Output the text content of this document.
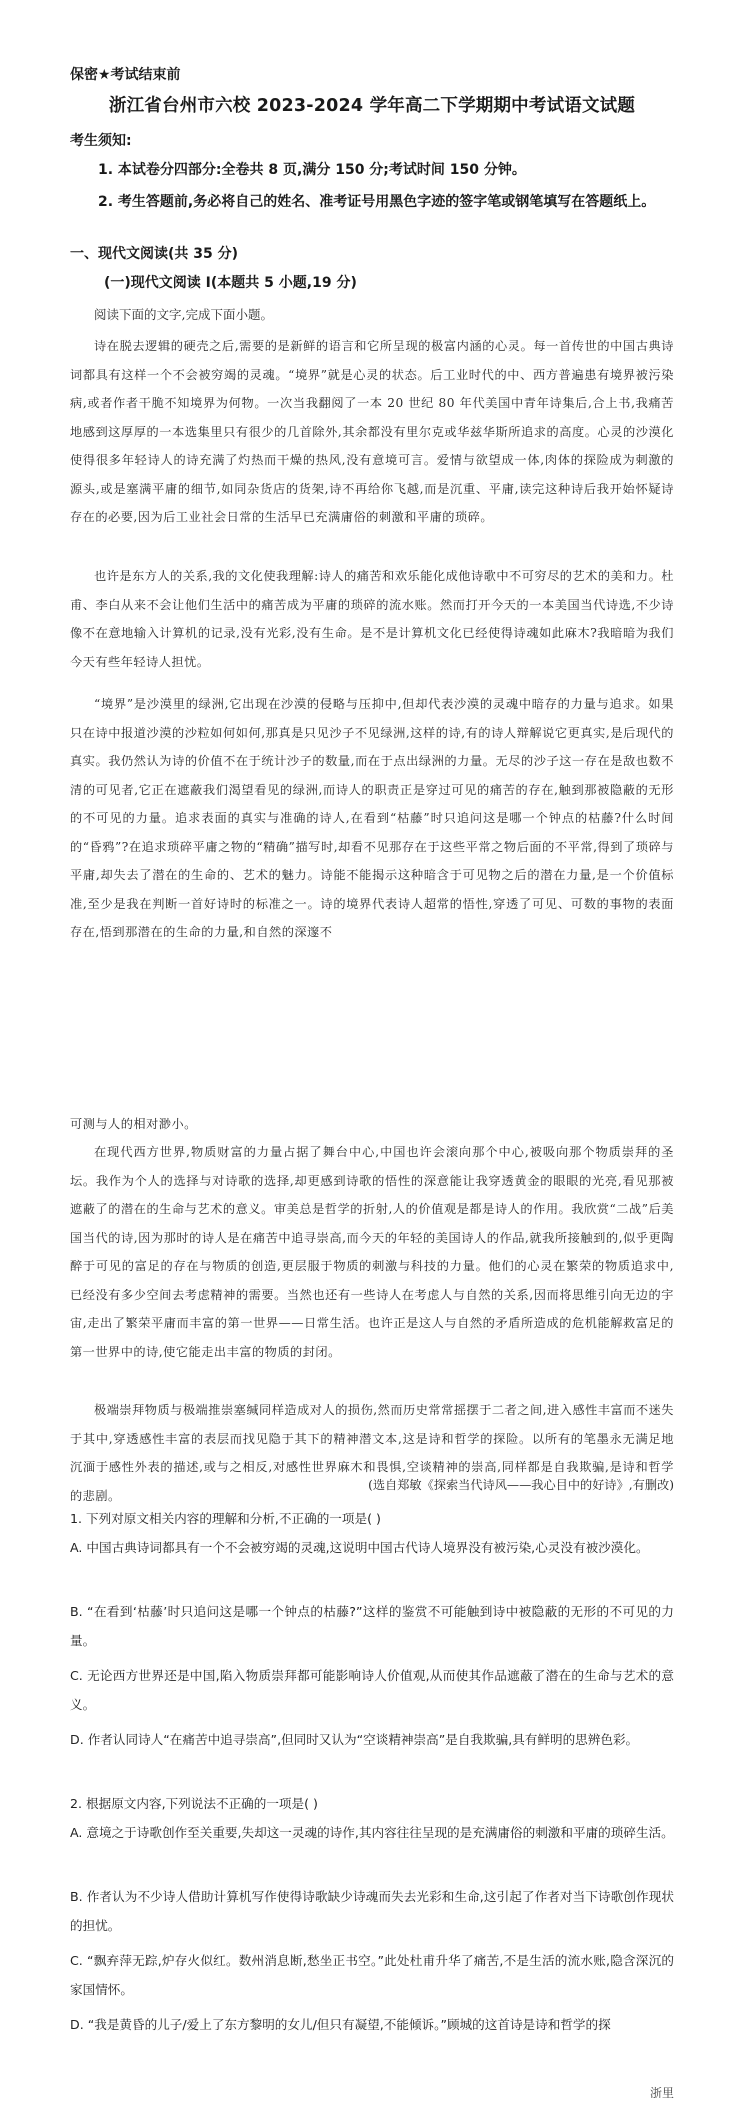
保密★考试结束前
浙江省台州市六校 2023-2024 学年高二下学期期中考试语文试题
考生须知:
1. 本试卷分四部分:全卷共 8 页,满分 150 分;考试时间 150 分钟。
2. 考生答题前,务必将自己的姓名、准考证号用黑色字迹的签字笔或钢笔填写在答题纸上。
一、现代文阅读(共 35 分)
(一)现代文阅读 I(本题共 5 小题,19 分)
阅读下面的文字,完成下面小题。
诗在脱去逻辑的硬壳之后,需要的是新鲜的语言和它所呈现的极富内涵的心灵。每一首传世的中国古典诗词都具有这样一个不会被穷竭的灵魂。“境界”就是心灵的状态。后工业时代的中、西方普遍患有境界被污染病,或者作者干脆不知境界为何物。一次当我翻阅了一本 20 世纪 80 年代美国中青年诗集后,合上书,我痛苦地感到这厚厚的一本选集里只有很少的几首除外,其余都没有里尔克或华兹华斯所追求的高度。心灵的沙漠化使得很多年轻诗人的诗充满了灼热而干燥的热风,没有意境可言。爱情与欲望成一体,肉体的探险成为刺激的源头,或是塞满平庸的细节,如同杂货店的货架,诗不再给你飞越,而是沉重、平庸,读完这种诗后我开始怀疑诗存在的必要,因为后工业社会日常的生活早已充满庸俗的刺激和平庸的琐碎。
也许是东方人的关系,我的文化使我理解:诗人的痛苦和欢乐能化成他诗歌中不可穷尽的艺术的美和力。杜甫、李白从来不会让他们生活中的痛苦成为平庸的琐碎的流水账。然而打开今天的一本美国当代诗选,不少诗像不在意地输入计算机的记录,没有光彩,没有生命。是不是计算机文化已经使得诗魂如此麻木?我暗暗为我们今天有些年轻诗人担忧。
“境界”是沙漠里的绿洲,它出现在沙漠的侵略与压抑中,但却代表沙漠的灵魂中暗存的力量与追求。如果只在诗中报道沙漠的沙粒如何如何,那真是只见沙子不见绿洲,这样的诗,有的诗人辩解说它更真实,是后现代的真实。我仍然认为诗的价值不在于统计沙子的数量,而在于点出绿洲的力量。无尽的沙子这一存在是敌也数不清的可见者,它正在遮蔽我们渴望看见的绿洲,而诗人的职责正是穿过可见的痛苦的存在,触到那被隐蔽的无形的不可见的力量。追求表面的真实与准确的诗人,在看到“枯藤”时只追问这是哪一个钟点的枯藤?什么时间的“昏鸦”?在追求琐碎平庸之物的“精确”描写时,却看不见那存在于这些平常之物后面的不平常,得到了琐碎与平庸,却失去了潜在的生命的、艺术的魅力。诗能不能揭示这种暗含于可见物之后的潜在力量,是一个价值标准,至少是我在判断一首好诗时的标准之一。诗的境界代表诗人超常的悟性,穿透了可见、可数的事物的表面存在,悟到那潜在的生命的力量,和自然的深邃不
可测与人的相对渺小。
在现代西方世界,物质财富的力量占据了舞台中心,中国也许会滚向那个中心,被吸向那个物质崇拜的圣坛。我作为个人的选择与对诗歌的选择,却更感到诗歌的悟性的深意能让我穿透黄金的眼眼的光亮,看见那被遮蔽了的潜在的生命与艺术的意义。审美总是哲学的折射,人的价值观是都是诗人的作用。我欣赏“二战”后美国当代的诗,因为那时的诗人是在痛苦中追寻崇高,而今天的年轻的美国诗人的作品,就我所接触到的,似乎更陶醉于可见的富足的存在与物质的创造,更层服于物质的刺激与科技的力量。他们的心灵在繁荣的物质追求中,已经没有多少空间去考虑精神的需要。当然也还有一些诗人在考虑人与自然的关系,因而将思维引向无边的宇宙,走出了繁荣平庸而丰富的第一世界——日常生活。也许正是这人与自然的矛盾所造成的危机能解救富足的第一世界中的诗,使它能走出丰富的物质的封闭。
极端崇拜物质与极端推崇塞缄同样造成对人的损伤,然而历史常常摇摆于二者之间,进入感性丰富而不迷失于其中,穿透感性丰富的表层而找见隐于其下的精神潜文本,这是诗和哲学的探险。以所有的笔墨永无满足地沉湎于感性外表的描述,或与之相反,对感性世界麻木和畏惧,空谈精神的崇高,同样都是自我欺骗,是诗和哲学的悲剧。
(选自郑敏《探索当代诗风——我心目中的好诗》,有删改)
1. 下列对原文相关内容的理解和分析,不正确的一项是( )
A. 中国古典诗词都具有一个不会被穷竭的灵魂,这说明中国古代诗人境界没有被污染,心灵没有被沙漠化。
B. “在看到‘枯藤’时只追问这是哪一个钟点的枯藤?”这样的鉴赏不可能触到诗中被隐蔽的无形的不可见的力量。
C. 无论西方世界还是中国,陷入物质崇拜都可能影响诗人价值观,从而使其作品遮蔽了潜在的生命与艺术的意义。
D. 作者认同诗人“在痛苦中追寻崇高”,但同时又认为“空谈精神崇高”是自我欺骗,具有鲜明的思辨色彩。
2. 根据原文内容,下列说法不正确的一项是( )
A. 意境之于诗歌创作至关重要,失却这一灵魂的诗作,其内容往往呈现的是充满庸俗的刺激和平庸的琐碎生活。
B. 作者认为不少诗人借助计算机写作使得诗歌缺少诗魂而失去光彩和生命,这引起了作者对当下诗歌创作现状的担忧。
C. “飘弃萍无踪,炉存火似红。数州消息断,愁坐正书空。”此处杜甫升华了痛苦,不是生活的流水账,隐含深沉的家国情怀。
D. “我是黄昏的儿子/爱上了东方黎明的女儿/但只有凝望,不能倾诉。”顾城的这首诗是诗和哲学的探
浙里
